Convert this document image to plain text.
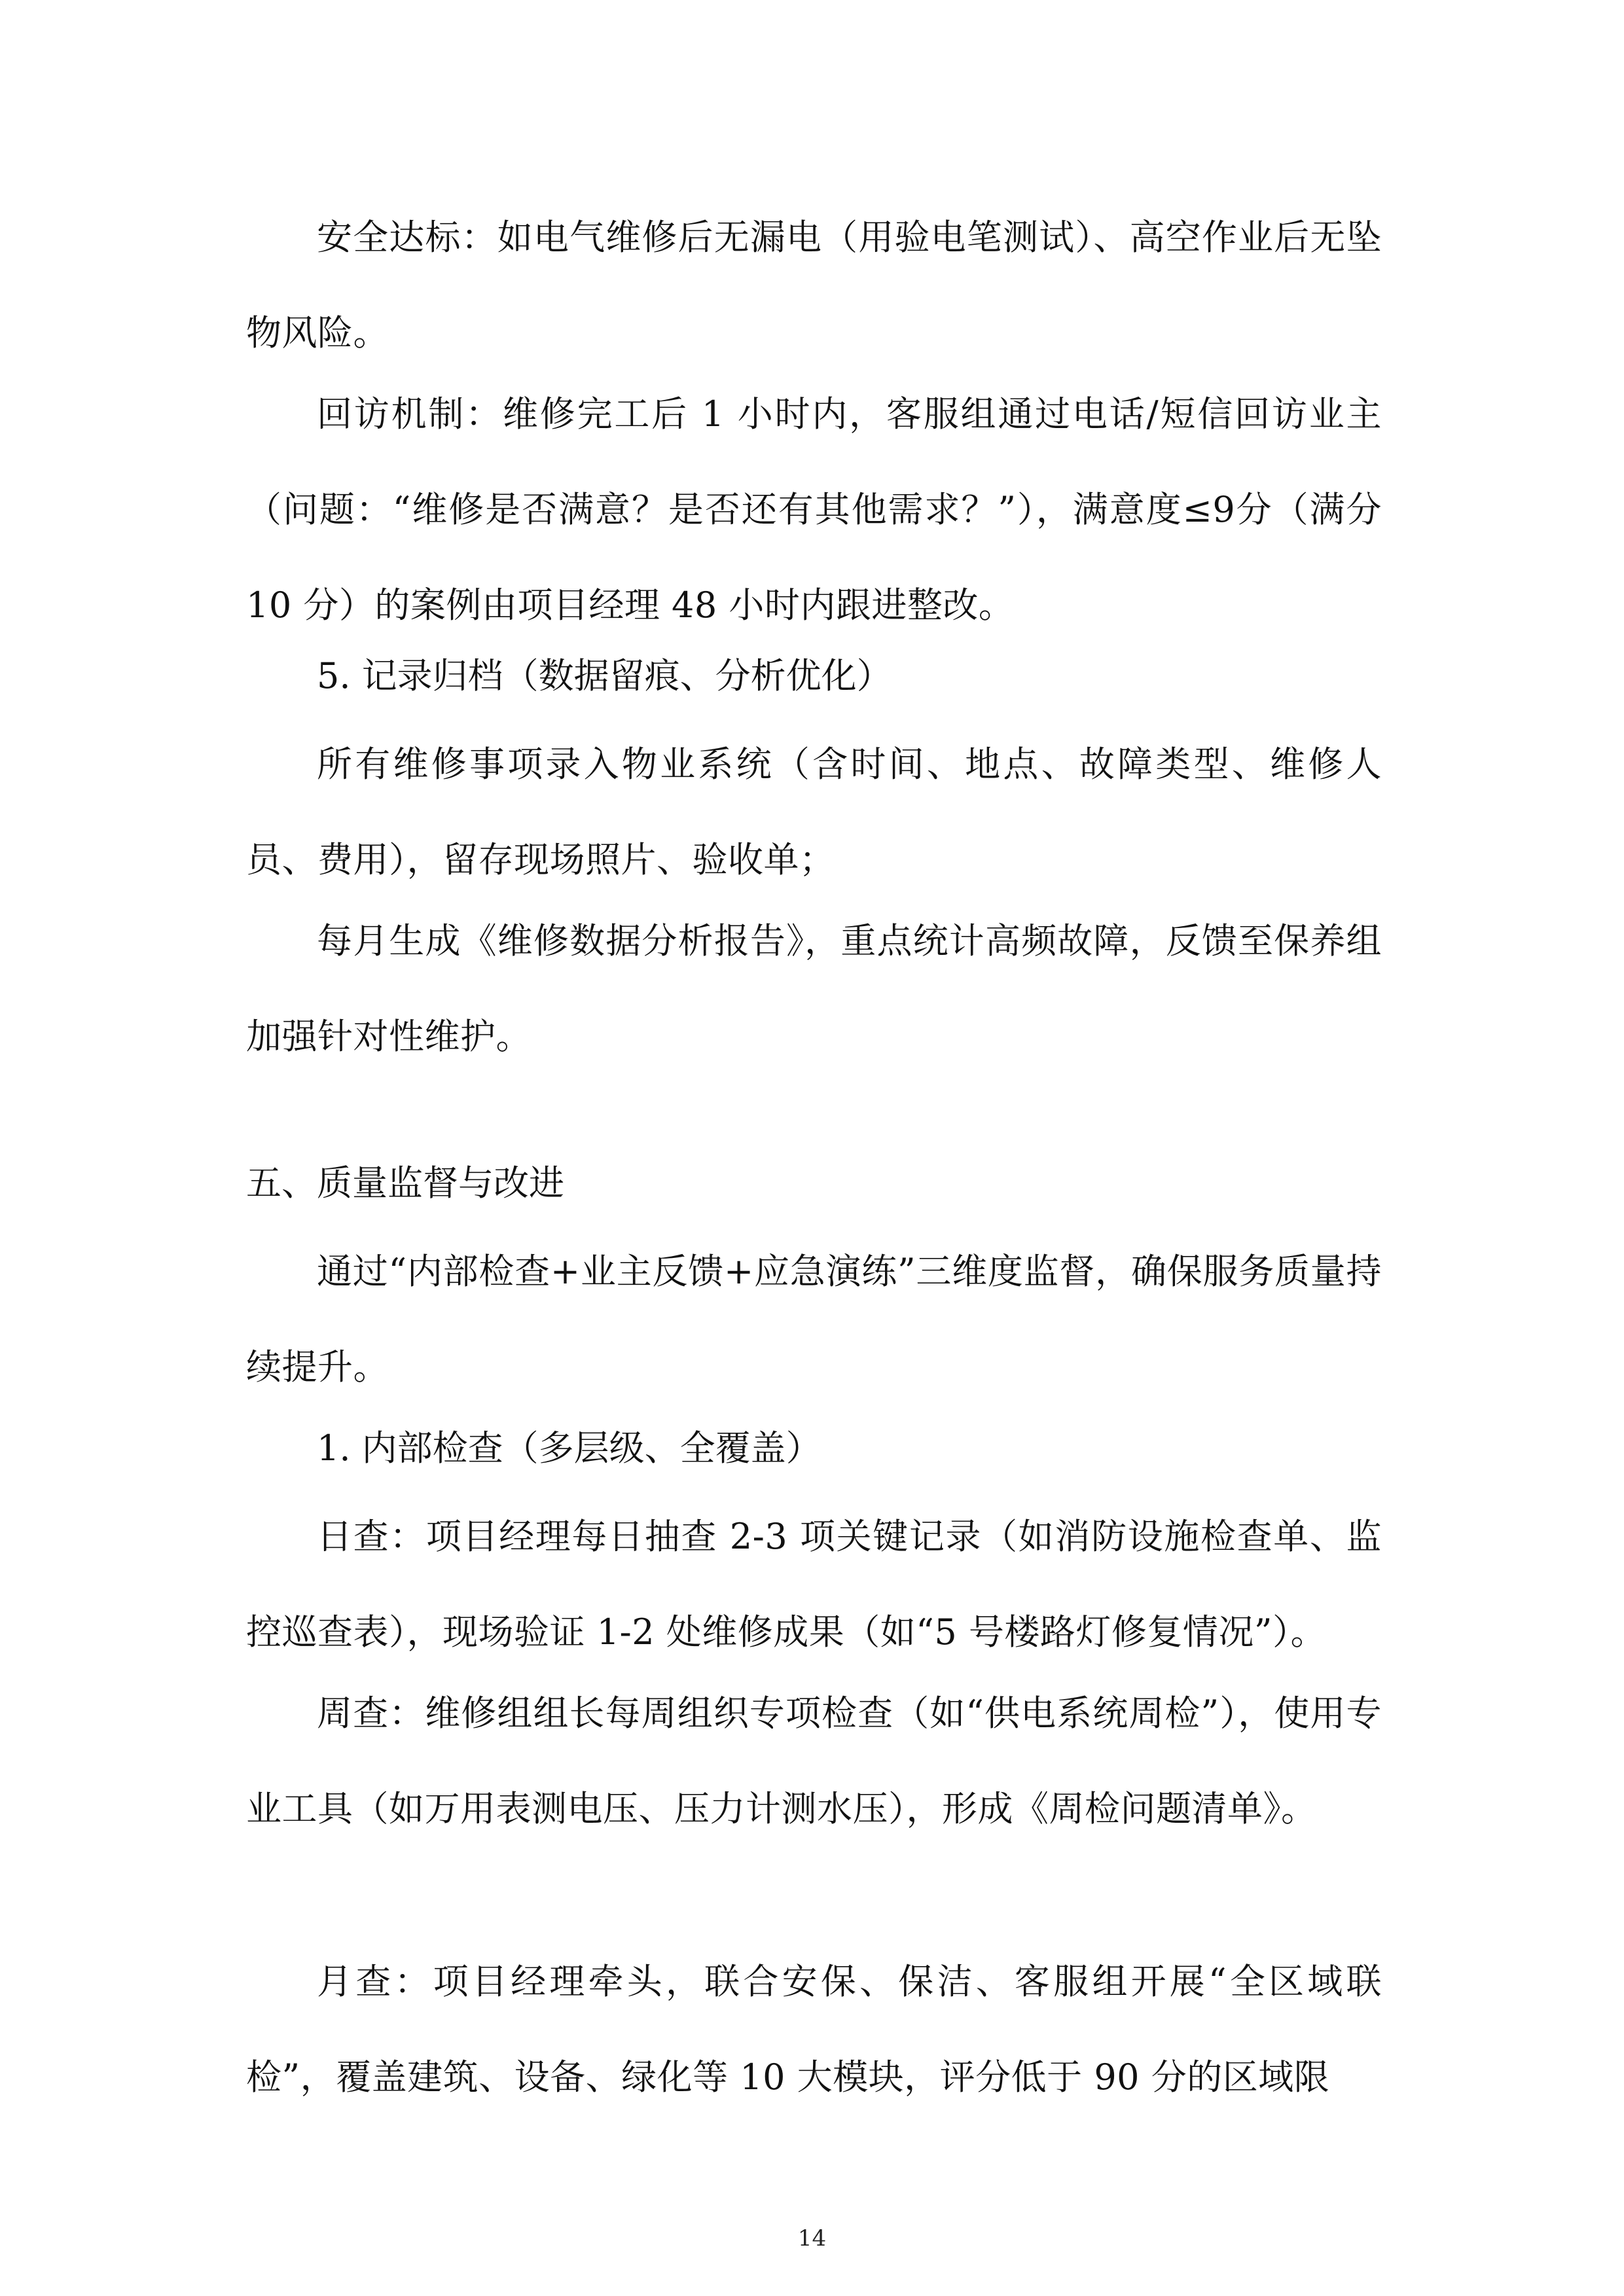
安全达标：如电气维修后无漏电（用验电笔测试）、高空作业后无坠物风险。

回访机制：维修完工后 1 小时内，客服组通过电话/短信回访业主（问题：“维修是否满意？是否还有其他需求？”），满意度≤9分（满分 10 分）的案例由项目经理 48 小时内跟进整改。

5. 记录归档（数据留痕、分析优化）

所有维修事项录入物业系统（含时间、地点、故障类型、维修人员、费用），留存现场照片、验收单；

每月生成《维修数据分析报告》，重点统计高频故障，反馈至保养组加强针对性维护。

五、质量监督与改进

通过“内部检查+业主反馈+应急演练”三维度监督，确保服务质量持续提升。

1. 内部检查（多层级、全覆盖）

日查：项目经理每日抽查 2-3 项关键记录（如消防设施检查单、监控巡查表），现场验证 1-2 处维修成果（如“5 号楼路灯修复情况”）。

周查：维修组组长每周组织专项检查（如“供电系统周检”），使用专业工具（如万用表测电压、压力计测水压），形成《周检问题清单》。

月查：项目经理牵头，联合安保、保洁、客服组开展“全区域联检”，覆盖建筑、设备、绿化等 10 大模块，评分低于 90 分的区域限

14
